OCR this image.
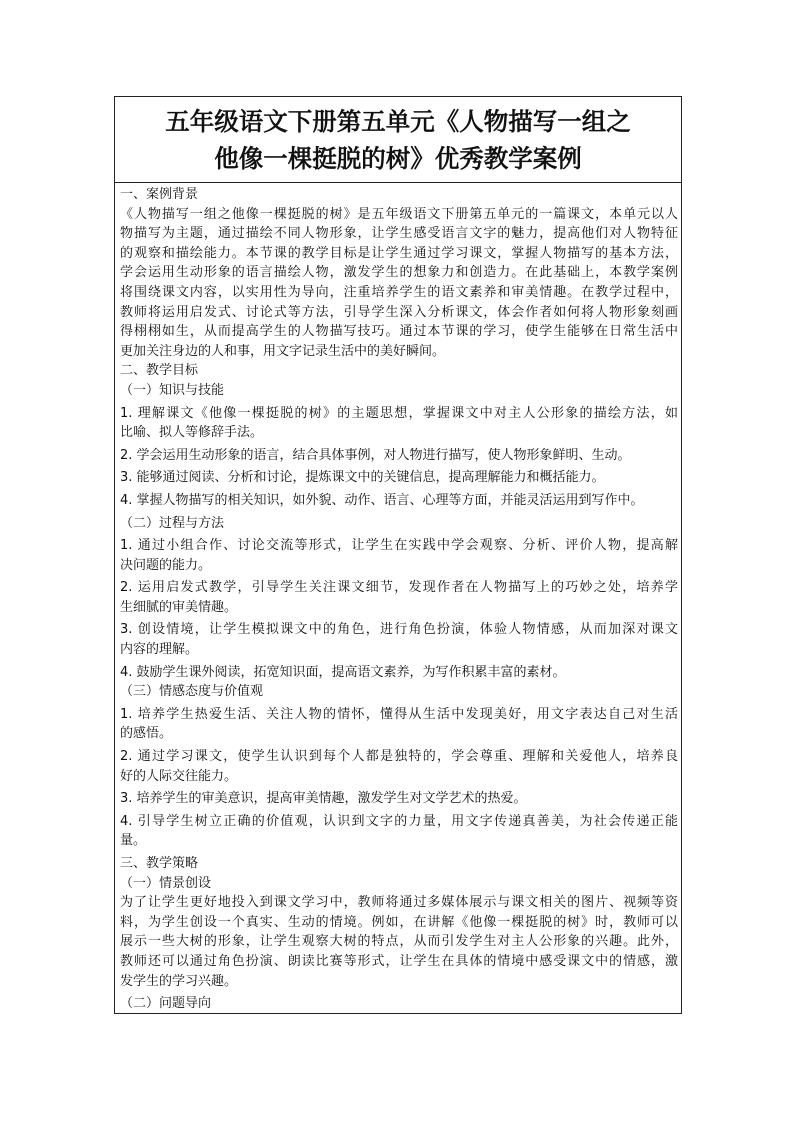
五年级语文下册第五单元《人物描写一组之
他像一棵挺脱的树》优秀教学案例
一、案例背景
《人物描写一组之他像一棵挺脱的树》是五年级语文下册第五单元的一篇课文，本单元以人
物描写为主题，通过描绘不同人物形象，让学生感受语言文字的魅力，提高他们对人物特征
的观察和描绘能力。本节课的教学目标是让学生通过学习课文，掌握人物描写的基本方法，
学会运用生动形象的语言描绘人物，激发学生的想象力和创造力。在此基础上，本教学案例
将围绕课文内容，以实用性为导向，注重培养学生的语文素养和审美情趣。在教学过程中，
教师将运用启发式、讨论式等方法，引导学生深入分析课文，体会作者如何将人物形象刻画
得栩栩如生，从而提高学生的人物描写技巧。通过本节课的学习，使学生能够在日常生活中
更加关注身边的人和事，用文字记录生活中的美好瞬间。
二、教学目标
（一）知识与技能
1. 理解课文《他像一棵挺脱的树》的主题思想，掌握课文中对主人公形象的描绘方法，如
比喻、拟人等修辞手法。
2. 学会运用生动形象的语言，结合具体事例，对人物进行描写，使人物形象鲜明、生动。
3. 能够通过阅读、分析和讨论，提炼课文中的关键信息，提高理解能力和概括能力。
4. 掌握人物描写的相关知识，如外貌、动作、语言、心理等方面，并能灵活运用到写作中。
（二）过程与方法
1. 通过小组合作、讨论交流等形式，让学生在实践中学会观察、分析、评价人物，提高解
决问题的能力。
2. 运用启发式教学，引导学生关注课文细节，发现作者在人物描写上的巧妙之处，培养学
生细腻的审美情趣。
3. 创设情境，让学生模拟课文中的角色，进行角色扮演，体验人物情感，从而加深对课文
内容的理解。
4. 鼓励学生课外阅读，拓宽知识面，提高语文素养，为写作积累丰富的素材。
（三）情感态度与价值观
1. 培养学生热爱生活、关注人物的情怀，懂得从生活中发现美好，用文字表达自己对生活
的感悟。
2. 通过学习课文，使学生认识到每个人都是独特的，学会尊重、理解和关爱他人，培养良
好的人际交往能力。
3. 培养学生的审美意识，提高审美情趣，激发学生对文学艺术的热爱。
4. 引导学生树立正确的价值观，认识到文字的力量，用文字传递真善美，为社会传递正能
量。
三、教学策略
（一）情景创设
为了让学生更好地投入到课文学习中，教师将通过多媒体展示与课文相关的图片、视频等资
料，为学生创设一个真实、生动的情境。例如，在讲解《他像一棵挺脱的树》时，教师可以
展示一些大树的形象，让学生观察大树的特点，从而引发学生对主人公形象的兴趣。此外，
教师还可以通过角色扮演、朗读比赛等形式，让学生在具体的情境中感受课文中的情感，激
发学生的学习兴趣。
（二）问题导向
